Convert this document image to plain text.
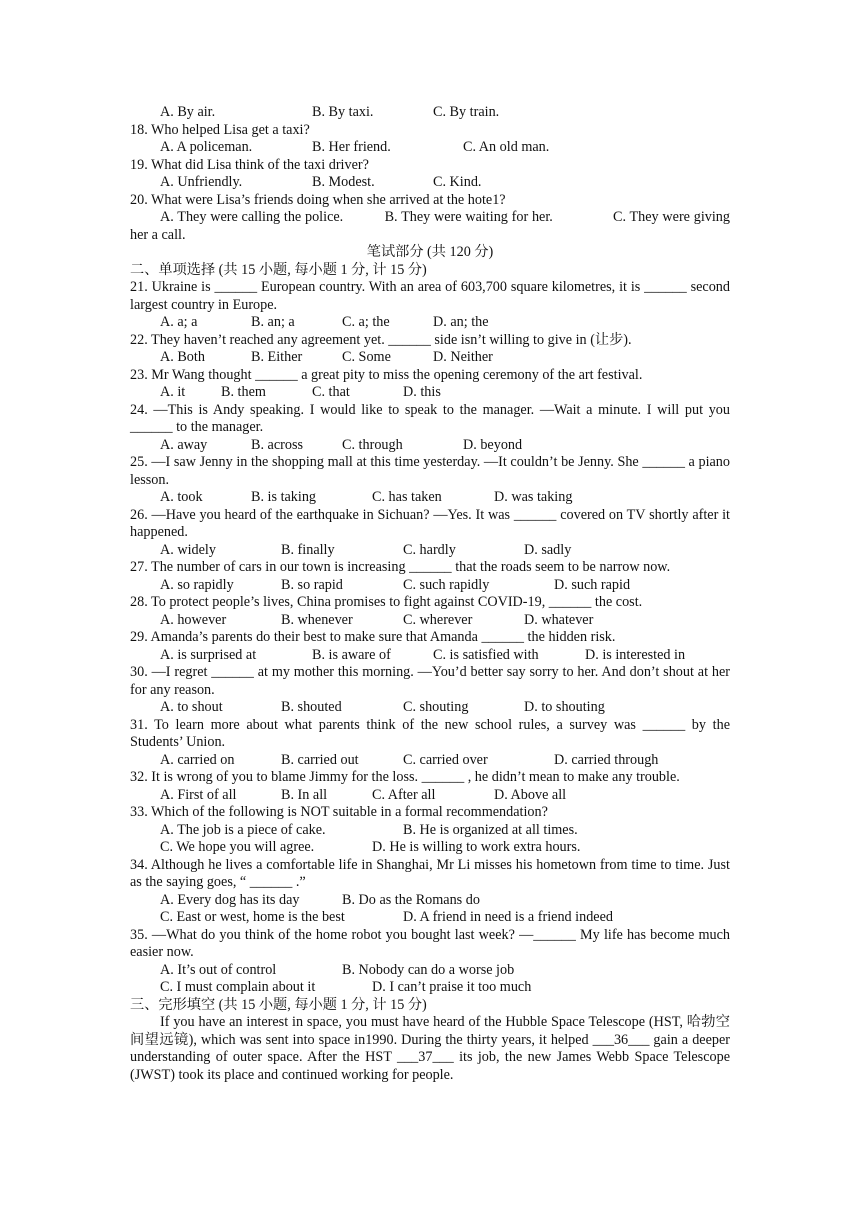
A. By air.	B. By taxi.	C. By train.
18. Who helped Lisa get a taxi?
A. A policeman.	B. Her friend.	C. An old man.
19. What did Lisa think of the taxi driver?
A. Unfriendly.	B. Modest.	C. Kind.
20. What were Lisa’s friends doing when she arrived at the hote1?
A. They were calling the police.           B. They were waiting for her.                C. They were giving her a call.
笔试部分 (共 120 分)
二、单项选择 (共 15 小题, 每小题 1 分, 计 15 分)
21. Ukraine is ______ European country. With an area of 603,700 square kilometres, it is ______ second largest country in Europe.
A. a; a	B. an; a	C. a; the	D. an; the
22. They haven’t reached any agreement yet. ______ side isn’t willing to give in (让步).
A. Both	B. Either	C. Some	D. Neither
23. Mr Wang thought ______ a great pity to miss the opening ceremony of the art festival.
A. it	B. them	C. that	D. this
24. —This is Andy speaking. I would like to speak to the manager. —Wait a minute. I will put you ______ to the manager.
A. away	B. across	C. through	D. beyond
25. —I saw Jenny in the shopping mall at this time yesterday. —It couldn’t be Jenny. She ______ a piano lesson.
A. took	B. is taking	C. has taken	D. was taking
26. —Have you heard of the earthquake in Sichuan? —Yes. It was ______ covered on TV shortly after it happened.
A. widely	B. finally	C. hardly	D. sadly
27. The number of cars in our town is increasing ______ that the roads seem to be narrow now.
A. so rapidly	B. so rapid	C. such rapidly	D. such rapid
28. To protect people’s lives, China promises to fight against COVID-19, ______ the cost.
A. however	B. whenever	C. wherever	D. whatever
29. Amanda’s parents do their best to make sure that Amanda ______ the hidden risk.
A. is surprised at	B. is aware of	C. is satisfied with	D. is interested in
30. —I regret ______ at my mother this morning. —You’d better say sorry to her. And don’t shout at her for any reason.
A. to shout	B. shouted	C. shouting	D. to shouting
31. To learn more about what parents think of the new school rules, a survey was ______ by the Students’ Union.
A. carried on	B. carried out	C. carried over	D. carried through
32. It is wrong of you to blame Jimmy for the loss. ______ , he didn’t mean to make any trouble.
A. First of all	B. In all	C. After all	D. Above all
33. Which of the following is NOT suitable in a formal recommendation?
A. The job is a piece of cake.	B. He is organized at all times.
C. We hope you will agree.	D. He is willing to work extra hours.
34. Although he lives a comfortable life in Shanghai, Mr Li misses his hometown from time to time. Just as the saying goes, “ ______ .”
A. Every dog has its day	B. Do as the Romans do
C. East or west, home is the best	D. A friend in need is a friend indeed
35. —What do you think of the home robot you bought last week? —______ My life has become much easier now.
A. It’s out of control	B. Nobody can do a worse job
C. I must complain about it	D. I can’t praise it too much
三、完形填空 (共 15 小题, 每小题 1 分, 计 15 分)
If you have an interest in space, you must have heard of the Hubble Space Telescope (HST, 哈勃空间望远镜), which was sent into space in1990. During the thirty years, it helped ___36___ gain a deeper understanding of outer space. After the HST ___37___ its job, the new James Webb Space Telescope (JWST) took its place and continued working for people.
